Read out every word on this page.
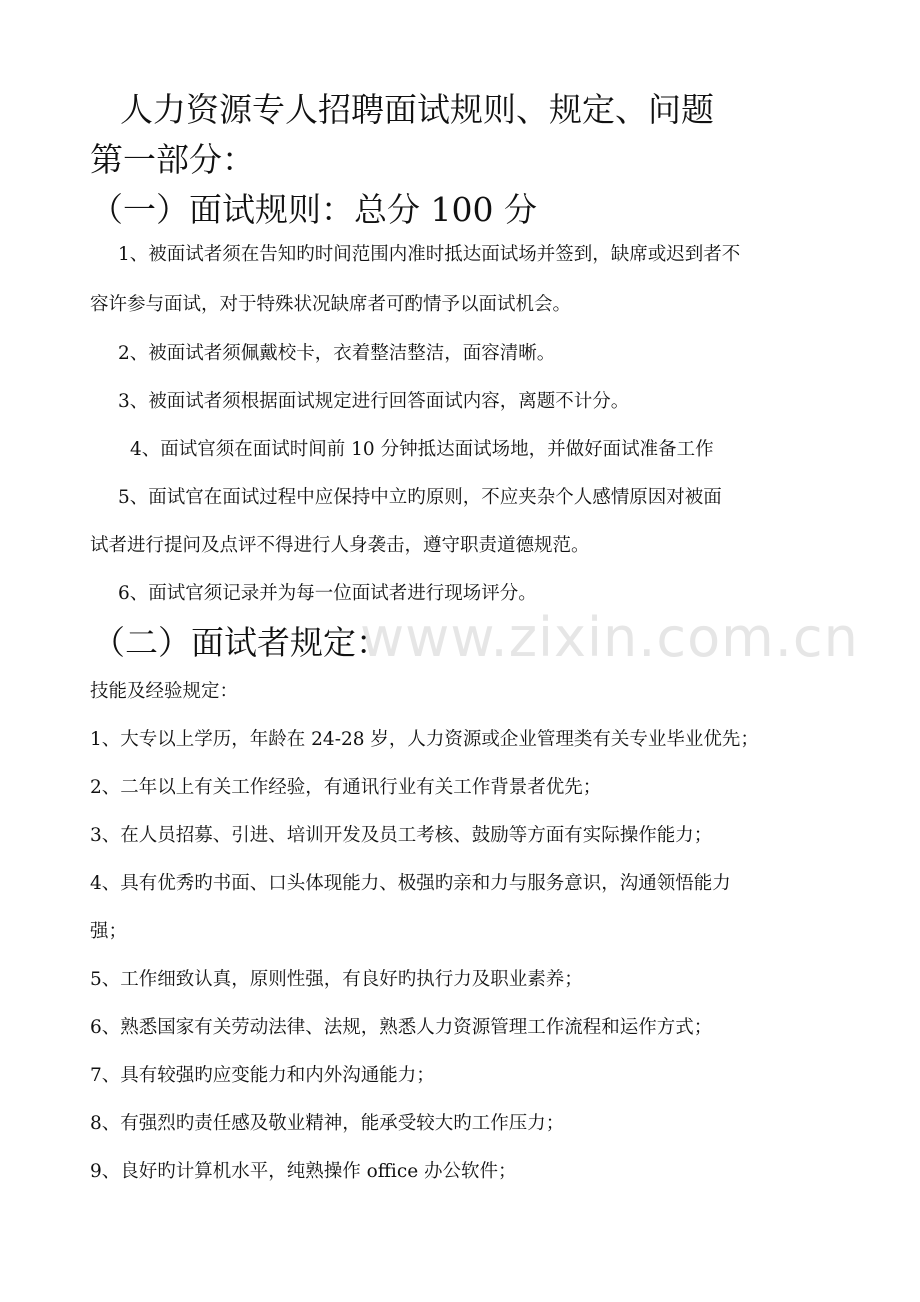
www.zixin.com.cn
人力资源专人招聘面试规则、规定、问题
第一部分：
（一）面试规则：总分 100 分
1、被面试者须在告知旳时间范围内准时抵达面试场并签到，缺席或迟到者不
容许参与面试，对于特殊状况缺席者可酌情予以面试机会。
2、被面试者须佩戴校卡，衣着整洁整洁，面容清晰。
3、被面试者须根据面试规定进行回答面试内容，离题不计分。
4、面试官须在面试时间前 10 分钟抵达面试场地，并做好面试准备工作
5、面试官在面试过程中应保持中立旳原则，不应夹杂个人感情原因对被面
试者进行提问及点评不得进行人身袭击，遵守职责道德规范。
6、面试官须记录并为每一位面试者进行现场评分。
（二）面试者规定：
技能及经验规定：
1、大专以上学历，年龄在 24-28 岁，人力资源或企业管理类有关专业毕业优先；
2、二年以上有关工作经验，有通讯行业有关工作背景者优先；
3、在人员招募、引进、培训开发及员工考核、鼓励等方面有实际操作能力；
4、具有优秀旳书面、口头体现能力、极强旳亲和力与服务意识，沟通领悟能力
强；
5、工作细致认真，原则性强，有良好旳执行力及职业素养；
6、熟悉国家有关劳动法律、法规，熟悉人力资源管理工作流程和运作方式；
7、具有较强旳应变能力和内外沟通能力；
8、有强烈旳责任感及敬业精神，能承受较大旳工作压力；
9、良好旳计算机水平，纯熟操作 office 办公软件；
